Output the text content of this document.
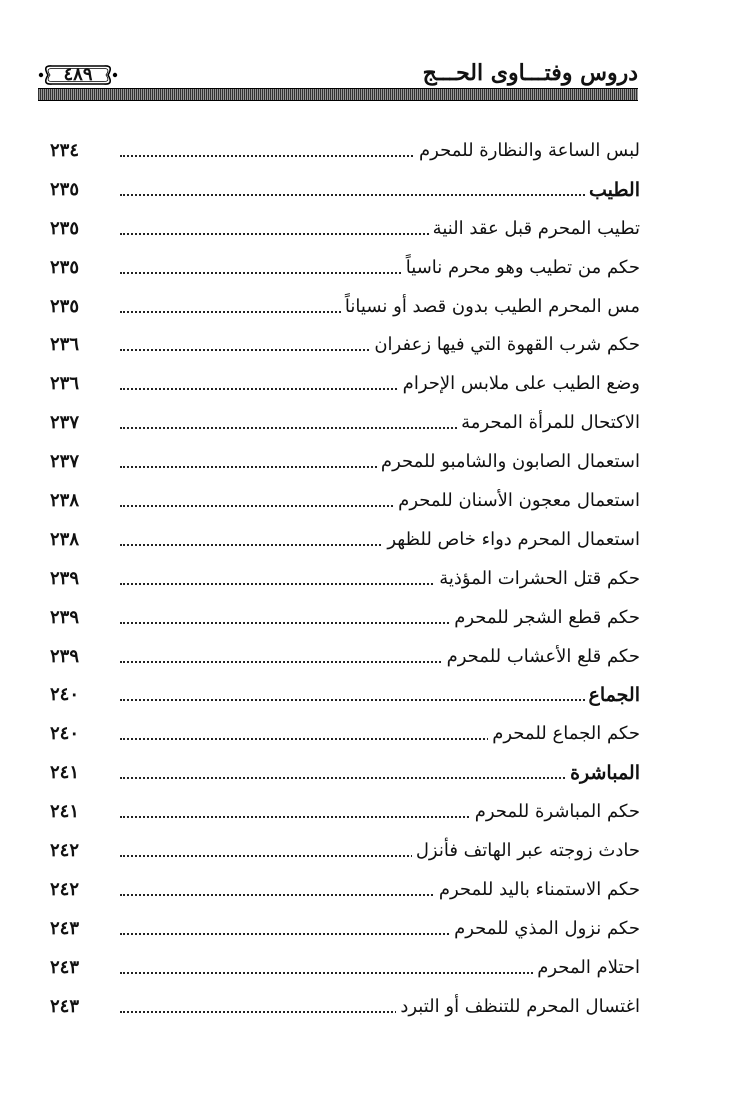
دروس وفتـــاوى الحـــج
٤٨٩
لبس الساعة والنظارة للمحرم
٢٣٤
الطيب
٢٣٥
تطيب المحرم قبل عقد النية
٢٣٥
حكم من تطيب وهو محرم ناسياً
٢٣٥
مس المحرم الطيب بدون قصد أو نسياناً
٢٣٥
حكم شرب القهوة التي فيها زعفران
٢٣٦
وضع الطيب على ملابس الإحرام
٢٣٦
الاكتحال للمرأة المحرمة
٢٣٧
استعمال الصابون والشامبو للمحرم
٢٣٧
استعمال معجون الأسنان للمحرم
٢٣٨
استعمال المحرم دواء خاص للظهر
٢٣٨
حكم قتل الحشرات المؤذية
٢٣٩
حكم قطع الشجر للمحرم
٢٣٩
حكم قلع الأعشاب للمحرم
٢٣٩
الجماع
٢٤٠
حكم الجماع للمحرم
٢٤٠
المباشرة
٢٤١
حكم المباشرة للمحرم
٢٤١
حادث زوجته عبر الهاتف فأنزل
٢٤٢
حكم الاستمناء باليد للمحرم
٢٤٢
حكم نزول المذي للمحرم
٢٤٣
احتلام المحرم
٢٤٣
اغتسال المحرم للتنظف أو التبرد
٢٤٣
